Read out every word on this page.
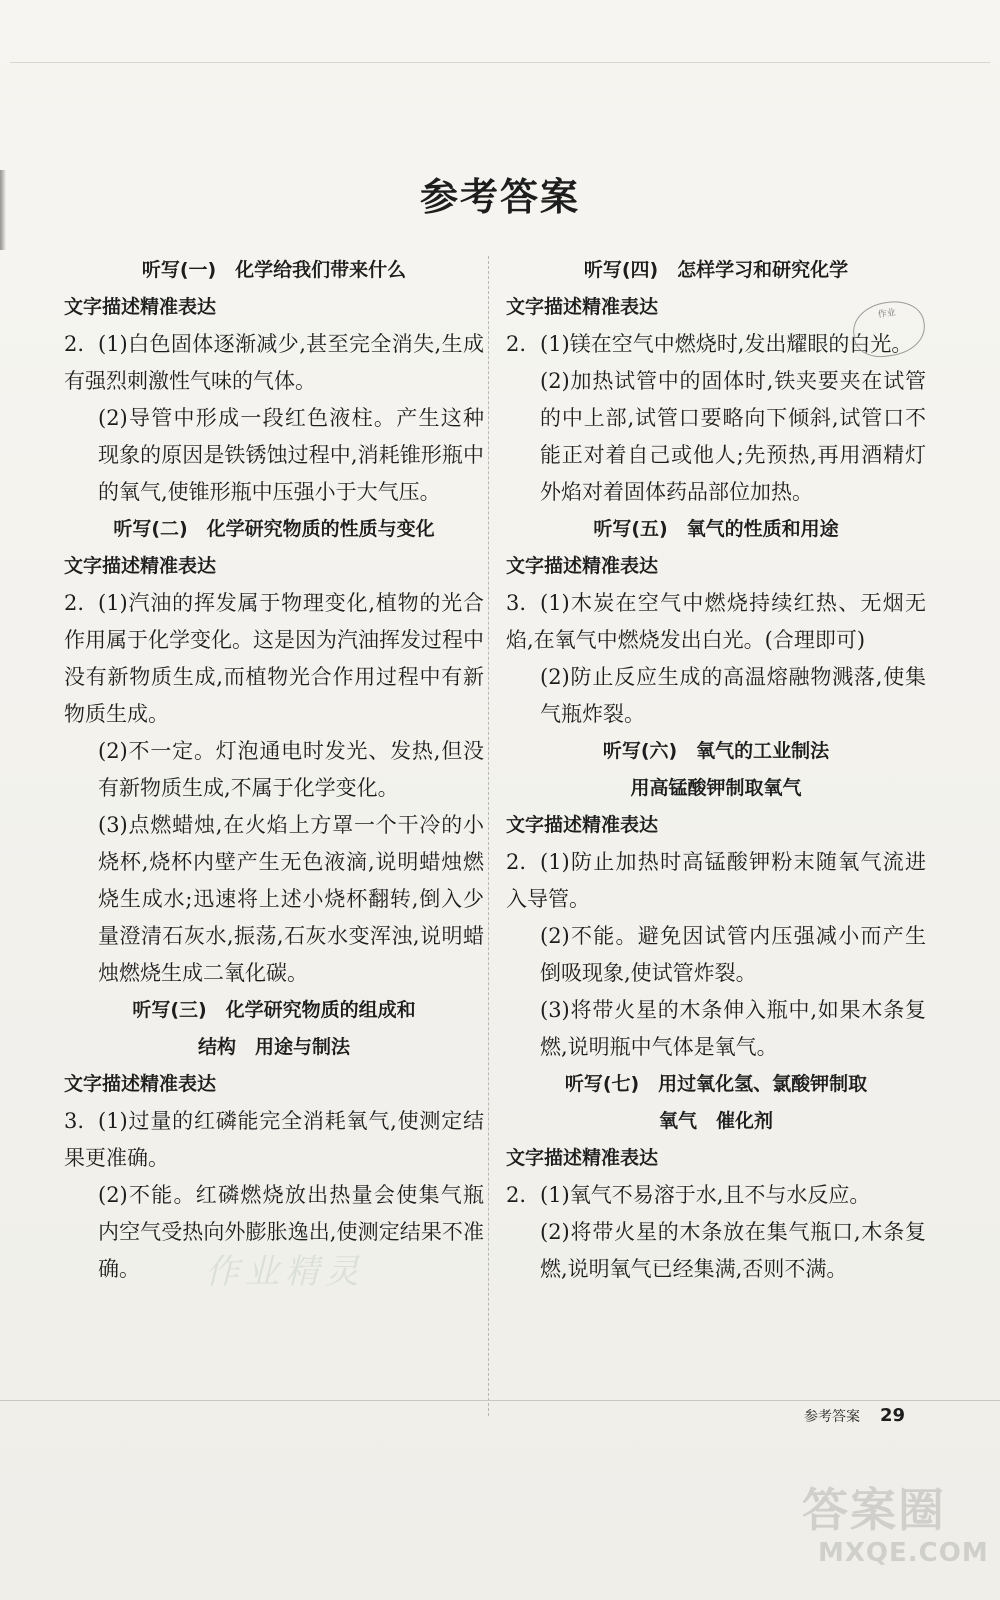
参考答案
听写(一)　化学给我们带来什么
文字描述精准表达
2. (1)白色固体逐渐减少,甚至完全消失,生成有强烈刺激性气味的气体。
(2)导管中形成一段红色液柱。产生这种现象的原因是铁锈蚀过程中,消耗锥形瓶中的氧气,使锥形瓶中压强小于大气压。
听写(二)　化学研究物质的性质与变化
文字描述精准表达
2. (1)汽油的挥发属于物理变化,植物的光合作用属于化学变化。这是因为汽油挥发过程中没有新物质生成,而植物光合作用过程中有新物质生成。
(2)不一定。灯泡通电时发光、发热,但没有新物质生成,不属于化学变化。
(3)点燃蜡烛,在火焰上方罩一个干冷的小烧杯,烧杯内壁产生无色液滴,说明蜡烛燃烧生成水;迅速将上述小烧杯翻转,倒入少量澄清石灰水,振荡,石灰水变浑浊,说明蜡烛燃烧生成二氧化碳。
听写(三)　化学研究物质的组成和
结构　用途与制法
文字描述精准表达
3. (1)过量的红磷能完全消耗氧气,使测定结果更准确。
(2)不能。红磷燃烧放出热量会使集气瓶内空气受热向外膨胀逸出,使测定结果不准确。
听写(四)　怎样学习和研究化学
文字描述精准表达
2. (1)镁在空气中燃烧时,发出耀眼的白光。
(2)加热试管中的固体时,铁夹要夹在试管的中上部,试管口要略向下倾斜,试管口不能正对着自己或他人;先预热,再用酒精灯外焰对着固体药品部位加热。
听写(五)　氧气的性质和用途
文字描述精准表达
3. (1)木炭在空气中燃烧持续红热、无烟无焰,在氧气中燃烧发出白光。(合理即可)
(2)防止反应生成的高温熔融物溅落,使集气瓶炸裂。
听写(六)　氧气的工业制法
用高锰酸钾制取氧气
文字描述精准表达
2. (1)防止加热时高锰酸钾粉末随氧气流进入导管。
(2)不能。避免因试管内压强减小而产生倒吸现象,使试管炸裂。
(3)将带火星的木条伸入瓶中,如果木条复燃,说明瓶中气体是氧气。
听写(七)　用过氧化氢、氯酸钾制取
氧气　催化剂
文字描述精准表达
2. (1)氧气不易溶于水,且不与水反应。
(2)将带火星的木条放在集气瓶口,木条复燃,说明氧气已经集满,否则不满。
作业
作业精灵
参考答案 29
答案圈
MXQE.COM
